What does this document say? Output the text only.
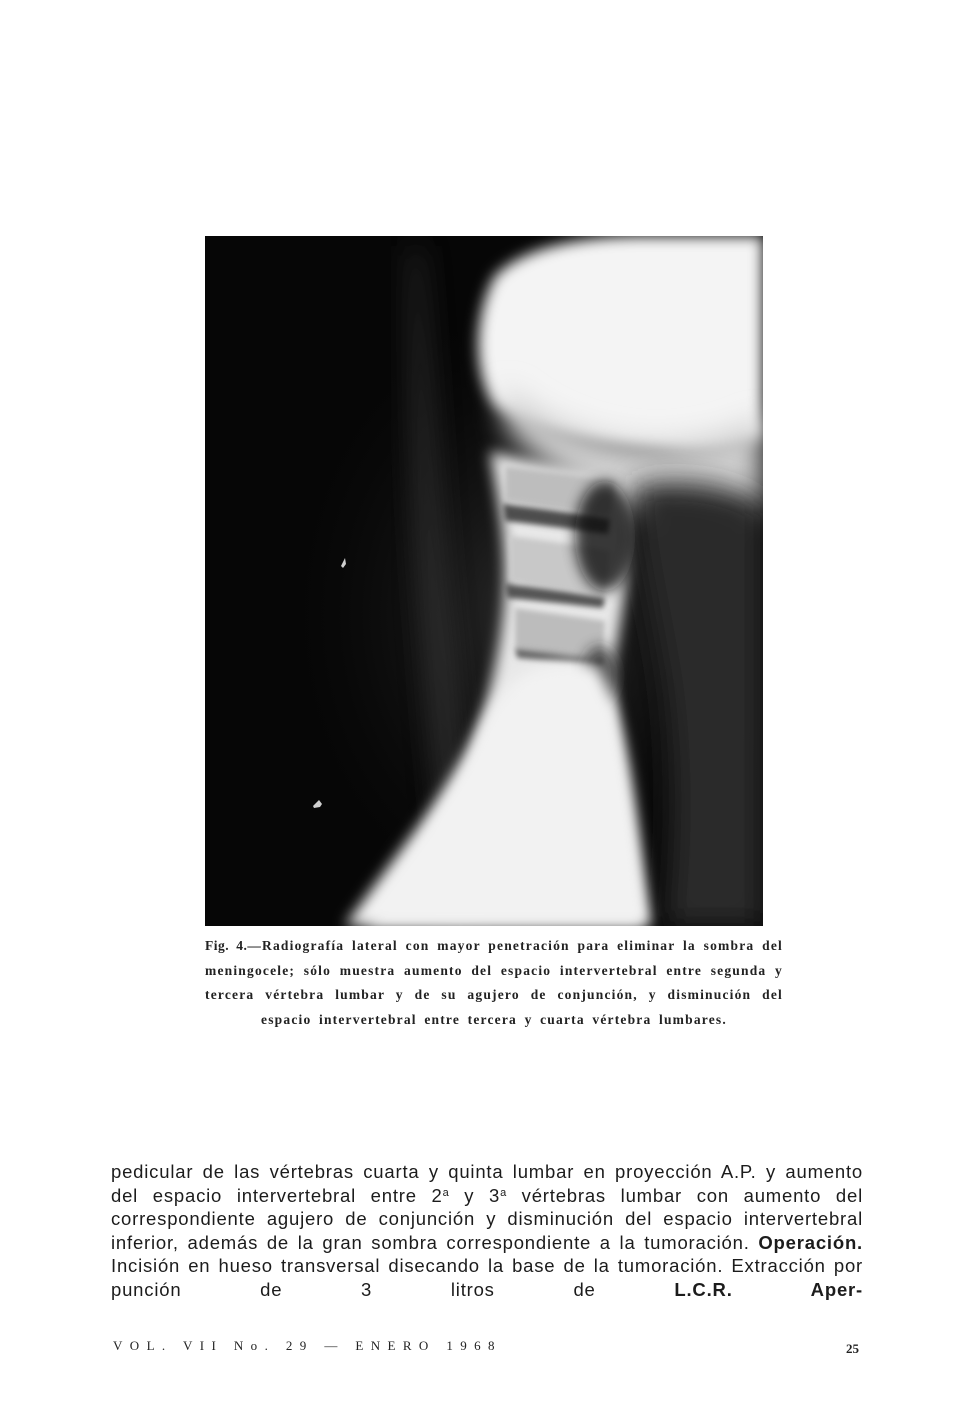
Fig. 4.—Radiografía lateral con mayor penetración para eliminar la sombra del meningocele; sólo muestra aumento del espacio intervertebral entre segunda y tercera vértebra lumbar y de su agujero de conjunción, y disminución del espacio intervertebral entre tercera y cuarta vértebra lumbares.
pedicular de las vértebras cuarta y quinta lumbar en proyección A.P. y aumento del espacio intervertebral entre 2$^a$ y 3$^a$ vértebras lumbar con aumento del correspondiente agujero de conjunción y disminución del espacio intervertebral inferior, además de la gran sombra correspondiente a la tumoración. Operación. Incisión en hueso transversal disecando la base de la tumoración. Extracción por punción de 3 litros de L.C.R. Aper-
VOL. VII No. 29 — ENERO 1968	25
